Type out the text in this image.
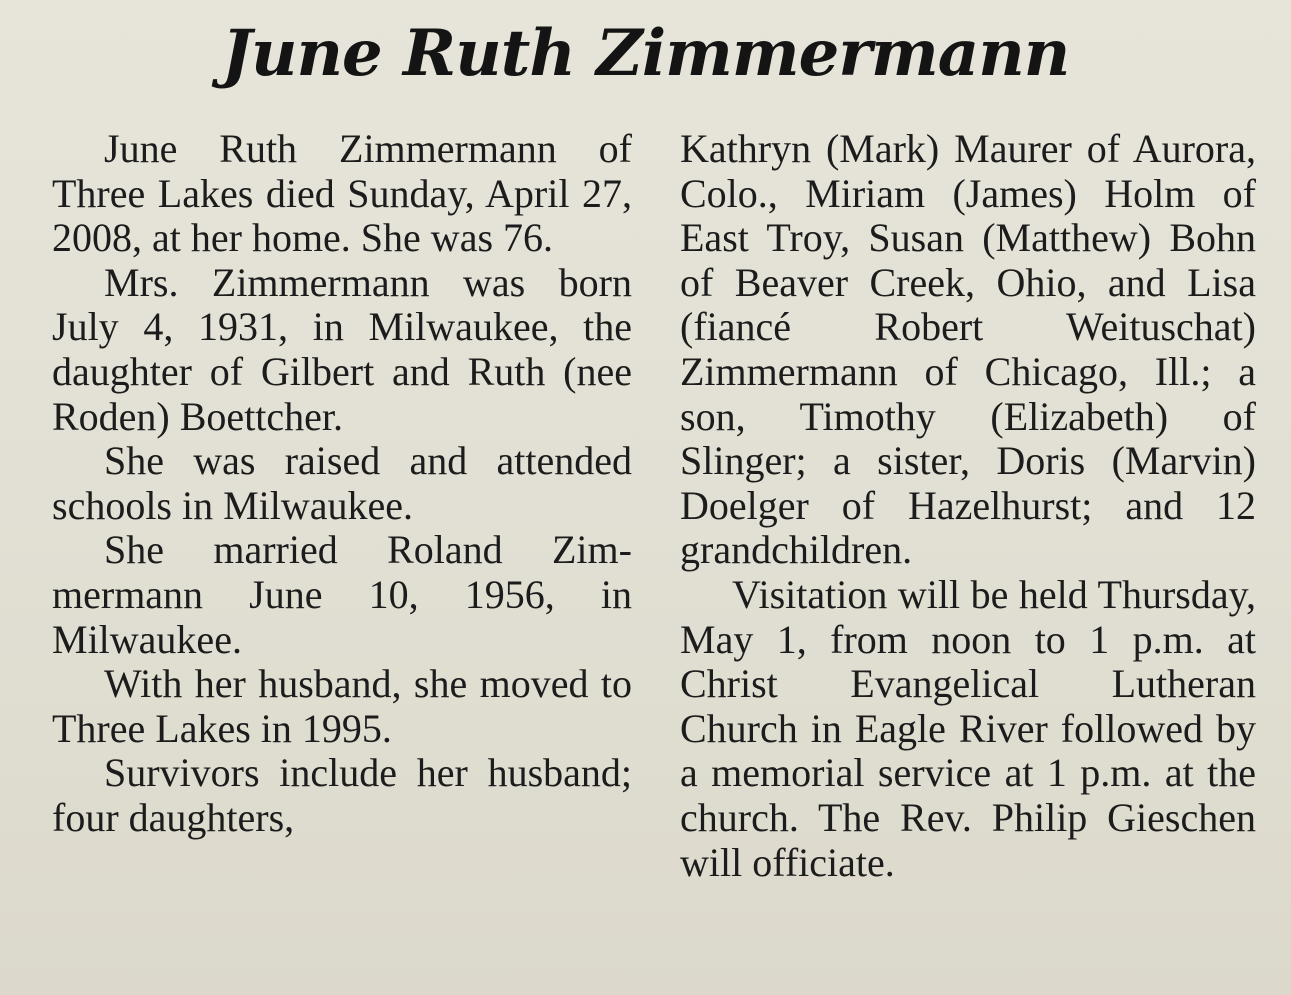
June Ruth Zimmermann

June Ruth Zimmermann of Three Lakes died Sunday, April 27, 2008, at her home. She was 76.

Mrs. Zimmermann was born July 4, 1931, in Milwaukee, the daughter of Gilbert and Ruth (nee Roden) Boettcher.

She was raised and attended schools in Milwaukee.

She married Roland Zimmermann June 10, 1956, in Milwaukee.

With her husband, she moved to Three Lakes in 1995.

Survivors include her husband; four daughters,

Kathryn (Mark) Maurer of Aurora, Colo., Miriam (James) Holm of East Troy, Susan (Matthew) Bohn of Beaver Creek, Ohio, and Lisa (fiancé Robert Weituschat) Zimmermann of Chicago, Ill.; a son, Timothy (Elizabeth) of Slinger; a sister, Doris (Marvin) Doelger of Hazelhurst; and 12 grandchildren.

Visitation will be held Thursday, May 1, from noon to 1 p.m. at Christ Evangelical Lutheran Church in Eagle River followed by a memorial service at 1 p.m. at the church. The Rev. Philip Gieschen will officiate.
